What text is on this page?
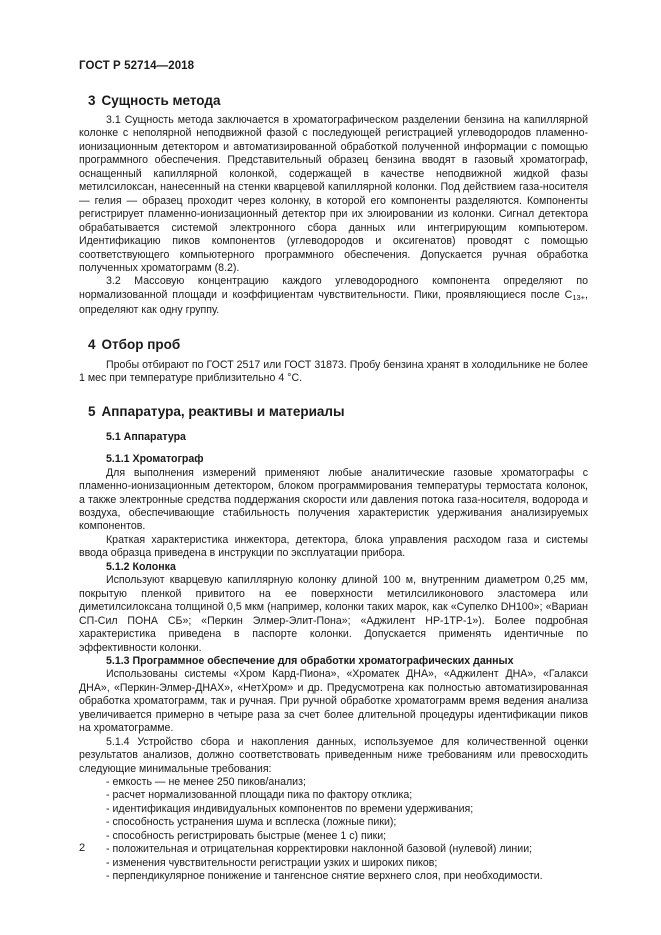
ГОСТ Р 52714—2018
3 Сущность метода

3.1 Сущность метода заключается в хроматографическом разделении бензина на капиллярной колонке с неполярной неподвижной фазой с последующей регистрацией углеводородов пламенно-ионизационным детектором и автоматизированной обработкой полученной информации с помощью программного обеспечения. Представительный образец бензина вводят в газовый хроматограф, оснащенный капиллярной колонкой, содержащей в качестве неподвижной жидкой фазы метилсилоксан, нанесенный на стенки кварцевой капиллярной колонки. Под действием газа-носителя — гелия — образец проходит через колонку, в которой его компоненты разделяются. Компоненты регистрирует пламенно-ионизационный детектор при их элюировании из колонки. Сигнал детектора обрабатывается системой электронного сбора данных или интегрирующим компьютером. Идентификацию пиков компонентов (углеводородов и оксигенатов) проводят с помощью соответствующего компьютерного программного обеспечения. Допускается ручная обработка полученных хроматограмм (8.2).

3.2 Массовую концентрацию каждого углеводородного компонента определяют по нормализованной площади и коэффициентам чувствительности. Пики, проявляющиеся после $C_{13+}$, определяют как одну группу.

4 Отбор проб

Пробы отбирают по ГОСТ 2517 или ГОСТ 31873. Пробу бензина хранят в холодильнике не более 1 мес при температуре приблизительно 4 °С.

5 Аппаратура, реактивы и материалы
5.1 Аппаратура
5.1.1 Хроматограф

Для выполнения измерений применяют любые аналитические газовые хроматографы с пламенно-ионизационным детектором, блоком программирования температуры термостата колонок, а также электронные средства поддержания скорости или давления потока газа-носителя, водорода и воздуха, обеспечивающие стабильность получения характеристик удерживания анализируемых компонентов.

Краткая характеристика инжектора, детектора, блока управления расходом газа и системы ввода образца приведена в инструкции по эксплуатации прибора.

5.1.2 Колонка

Используют кварцевую капиллярную колонку длиной 100 м, внутренним диаметром 0,25 мм, покрытую пленкой привитого на ее поверхности метилсиликонового эластомера или диметилсилоксана толщиной 0,5 мкм (например, колонки таких марок, как «Супелко DH100»; «Вариан СП-Сил ПОНА СБ»; «Перкин Элмер-Элит-Пона»; «Аджилент НР-1ТР-1»). Более подробная характеристика приведена в паспорте колонки. Допускается применять идентичные по эффективности колонки.

5.1.3 Программное обеспечение для обработки хроматографических данных

Использованы системы «Хром Кард-Пиона», «Хроматек ДНА», «Аджилент ДНА», «Галакси ДНА», «Перкин-Элмер-ДНАХ», «НетХром» и др. Предусмотрена как полностью автоматизированная обработка хроматограмм, так и ручная. При ручной обработке хроматограмм время ведения анализа увеличивается примерно в четыре раза за счет более длительной процедуры идентификации пиков на хроматограмме.

5.1.4 Устройство сбора и накопления данных, используемое для количественной оценки результатов анализов, должно соответствовать приведенным ниже требованиям или превосходить следующие минимальные требования:

- емкость — не менее 250 пиков/анализ;
- расчет нормализованной площади пика по фактору отклика;
- идентификация индивидуальных компонентов по времени удерживания;
- способность устранения шума и всплеска (ложные пики);
- способность регистрировать быстрые (менее 1 с) пики;
- положительная и отрицательная корректировки наклонной базовой (нулевой) линии;
- изменения чувствительности регистрации узких и широких пиков;
- перпендикулярное понижение и тангенсное снятие верхнего слоя, при необходимости.
2
